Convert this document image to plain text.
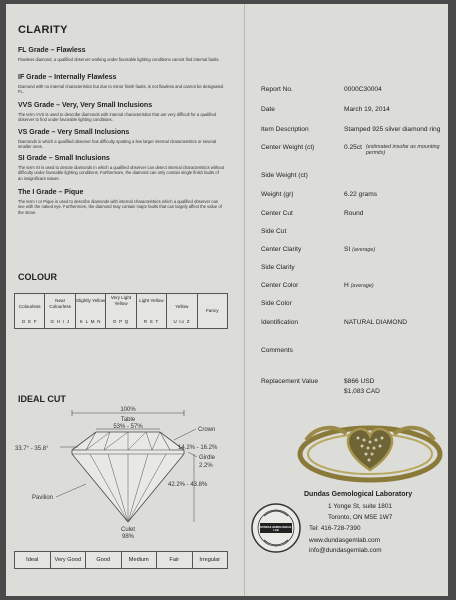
CLARITY
FL Grade – Flawless
Flawless diamond, a qualified observer working under favorable lighting conditions cannot find internal faults.
IF Grade – Internally Flawless
Diamond with no internal characteristics but due to minor finish faults, is not flawless and cannot be designated FL.
VVS Grade – Very, Very Small Inclusions
The term VVS is used to describe diamonds with internal characteristics that are very difficult for a qualified observer to find under favorable lighting conditions.
VS Grade – Very Small Inclusions
Diamonds in which a qualified observer has difficulty spotting a few larger internal characteristics or several smaller ones.
SI Grade – Small Inclusions
The term SI is used to denote diamonds in which a qualified observer can detect internal characteristics without difficulty under favorable lighting conditions. Furthermore, the diamond can only contain single finish faults of an insignificant nature.
The I Grade – Pique
The term I or Pique is used to describe diamonds with internal characteristics which a qualified observer can see with the naked eye. Furthermore, the diamond may contain major faults that can largely affect the value of the stone.
COLOUR
Colourless
D E F
Near Colourless
G H I J
Slightly Yellow
K L M N
Very Light Yellow
O P Q
Light Yellow
R S T
Yellow
U to Z
Fancy
IDEAL CUT
100%
Table
53% - 57%	Crown
33.7° - 35.8°	14.2% - 16.2%
Girdle
2.2%
42.2% - 43.8%
Pavilion
Culet
98%
Ideal	Very Good	Good	Medium	Fair	Irregular
Report No.	0000C30004
Date	March 19, 2014
Item Description	Stamped 925 silver diamond ring
Center Weight (ct)	0.25ct (estimated insofar as mounting permits)
Side Weight (ct)
Weight (gr)	6.22 grams
Center Cut	Round
Side Cut
Center Clarity	SI (average)
Side Clarity
Center Color	H (average)
Side Color
Identification	NATURAL DIAMOND
Comments
Replacement Value	$866 USD
$1,083 CAD
Dundas Gemological Laboratory
1 Yonge St, suite 1801
Toronto, ON M5E 1W7
Tel: 416-728-7390
www.dundasgemlab.com
info@dundasgemlab.com
DUNDAS GEMOLOGICAL LAB
